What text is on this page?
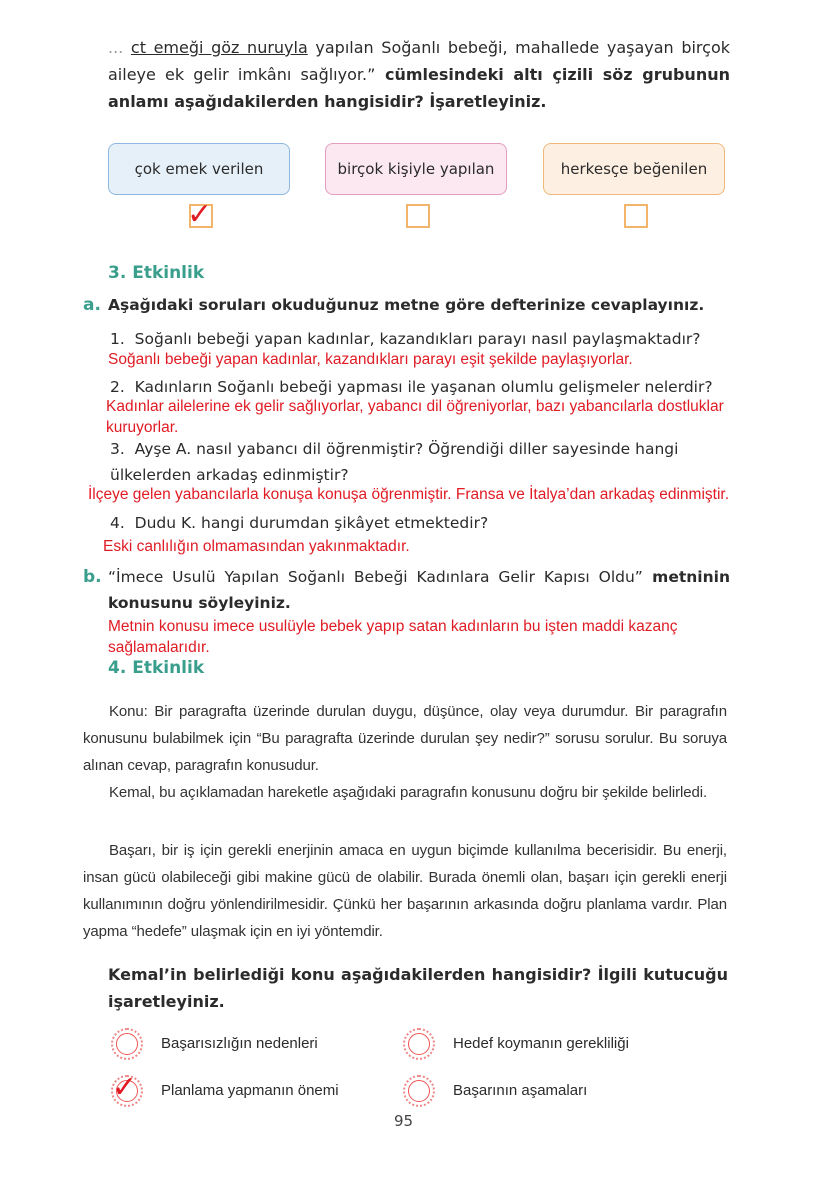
... ct emeği göz nuruyla yapılan Soğanlı bebeği, mahallede yaşayan birçok aileye ek gelir imkânı sağlıyor.” cümlesindeki altı çizili söz grubunun anlamı aşağıdakilerden hangisidir? İşaretleyiniz.
çok emek verilen	birçok kişiyle yapılan	herkesçe beğenilen
✓
3. Etkinlik
a. Aşağıdaki soruları okuduğunuz metne göre defterinize cevaplayınız.
1. Soğanlı bebeği yapan kadınlar, kazandıkları parayı nasıl paylaşmaktadır?
Soğanlı bebeği yapan kadınlar, kazandıkları parayı eşit şekilde paylaşıyorlar.
2. Kadınların Soğanlı bebeği yapması ile yaşanan olumlu gelişmeler nelerdir?
Kadınlar ailelerine ek gelir sağlıyorlar, yabancı dil öğreniyorlar, bazı yabancılarla dostluklar kuruyorlar.
3. Ayşe A. nasıl yabancı dil öğrenmiştir? Öğrendiği diller sayesinde hangi ülkelerden arkadaş edinmiştir?
İlçeye gelen yabancılarla konuşa konuşa öğrenmiştir. Fransa ve İtalya’dan arkadaş edinmiştir.
4. Dudu K. hangi durumdan şikâyet etmektedir?
Eski canlılığın olmamasından yakınmaktadır.
b. “İmece Usulü Yapılan Soğanlı Bebeği Kadınlara Gelir Kapısı Oldu” metninin konusunu söyleyiniz.
Metnin konusu imece usulüyle bebek yapıp satan kadınların bu işten maddi kazanç sağlamalarıdır.
4. Etkinlik
Konu: Bir paragrafta üzerinde durulan duygu, düşünce, olay veya durumdur. Bir paragrafın konusunu bulabilmek için “Bu paragrafta üzerinde durulan şey nedir?” sorusu sorulur. Bu soruya alınan cevap, paragrafın konusudur.
Kemal, bu açıklamadan hareketle aşağıdaki paragrafın konusunu doğru bir şekilde belirledi.
Başarı, bir iş için gerekli enerjinin amaca en uygun biçimde kullanılma becerisidir. Bu enerji, insan gücü olabileceği gibi makine gücü de olabilir. Burada önemli olan, başarı için gerekli enerji kullanımının doğru yönlendirilmesidir. Çünkü her başarının arkasında doğru planlama vardır. Plan yapma “hedefe” ulaşmak için en iyi yöntemdir.
Kemal’in belirlediği konu aşağıdakilerden hangisidir? İlgili kutucuğu işaretleyiniz.
Başarısızlığın nedenleri	Hedef koymanın gerekliliği
✓ Planlama yapmanın önemi	Başarının aşamaları
95
